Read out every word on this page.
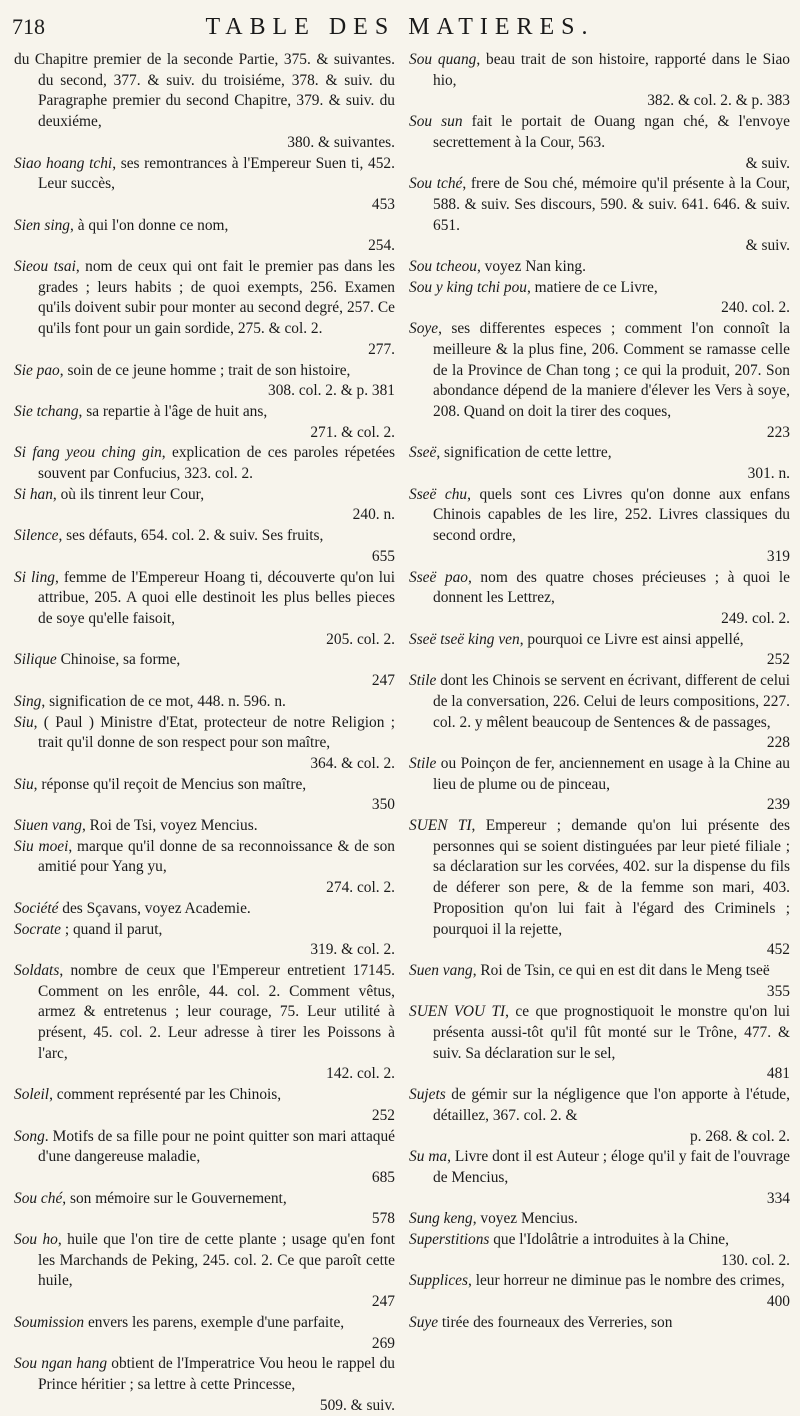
718	TABLE DES MATIERES.

du Chapitre premier de la seconde Partie, 375. & suivantes. du second, 377. & suiv. du troisiéme, 378. & suiv. du Paragraphe premier du second Chapitre, 379. & suiv. du deuxiéme,
380. & suivantes.

Siao hoang tchi, ses remontrances à l'Empereur Suen ti, 452. Leur succès,
453

Sien sing, à qui l'on donne ce nom,
254.

Sieou tsai, nom de ceux qui ont fait le premier pas dans les grades ; leurs habits ; de quoi exempts, 256. Examen qu'ils doivent subir pour monter au second degré, 257. Ce qu'ils font pour un gain sordide, 275. & col. 2.
277.

Sie pao, soin de ce jeune homme ; trait de son histoire,
308. col. 2. & p. 381

Sie tchang, sa repartie à l'âge de huit ans,
271. & col. 2.

Si fang yeou ching gin, explication de ces paroles répetées souvent par Confucius, 323. col. 2.

Si han, où ils tinrent leur Cour,
240. n.

Silence, ses défauts, 654. col. 2. & suiv. Ses fruits,
655

Si ling, femme de l'Empereur Hoang ti, découverte qu'on lui attribue, 205. A quoi elle destinoit les plus belles pieces de soye qu'elle faisoit,
205. col. 2.

Silique Chinoise, sa forme,
247

Sing, signification de ce mot, 448. n. 596. n.

Siu, ( Paul ) Ministre d'Etat, protecteur de notre Religion ; trait qu'il donne de son respect pour son maître,
364. & col. 2.

Siu, réponse qu'il reçoit de Mencius son maître,
350

Siuen vang, Roi de Tsi, voyez Mencius.

Siu moei, marque qu'il donne de sa reconnoissance & de son amitié pour Yang yu,
274. col. 2.

Société des Sçavans, voyez Academie.

Socrate ; quand il parut,
319. & col. 2.

Soldats, nombre de ceux que l'Empereur entretient 17145. Comment on les enrôle, 44. col. 2. Comment vêtus, armez & entretenus ; leur courage, 75. Leur utilité à présent, 45. col. 2. Leur adresse à tirer les Poissons à l'arc,
142. col. 2.

Soleil, comment représenté par les Chinois,
252

Song. Motifs de sa fille pour ne point quitter son mari attaqué d'une dangereuse maladie,
685

Sou ché, son mémoire sur le Gouvernement,
578

Sou ho, huile que l'on tire de cette plante ; usage qu'en font les Marchands de Peking, 245. col. 2. Ce que paroît cette huile,
247

Soumission envers les parens, exemple d'une parfaite,
269

Sou ngan hang obtient de l'Imperatrice Vou heou le rappel du Prince héritier ; sa lettre à cette Princesse,
509. & suiv.

Sou quang, beau trait de son histoire, rapporté dans le Siao hio,
382. & col. 2. & p. 383

Sou sun fait le portait de Ouang ngan ché, & l'envoye secrettement à la Cour, 563.
& suiv.

Sou tché, frere de Sou ché, mémoire qu'il présente à la Cour, 588. & suiv. Ses discours, 590. & suiv. 641. 646. & suiv. 651.
& suiv.

Sou tcheou, voyez Nan king.

Sou y king tchi pou, matiere de ce Livre,
240. col. 2.

Soye, ses differentes especes ; comment l'on connoît la meilleure & la plus fine, 206. Comment se ramasse celle de la Province de Chan tong ; ce qui la produit, 207. Son abondance dépend de la maniere d'élever les Vers à soye, 208. Quand on doit la tirer des coques,
223

Sseë, signification de cette lettre,
301. n.

Sseë chu, quels sont ces Livres qu'on donne aux enfans Chinois capables de les lire, 252. Livres classiques du second ordre,
319

Sseë pao, nom des quatre choses précieuses ; à quoi le donnent les Lettrez,
249. col. 2.

Sseë tseë king ven, pourquoi ce Livre est ainsi appellé,
252

Stile dont les Chinois se servent en écrivant, different de celui de la conversation, 226. Celui de leurs compositions, 227. col. 2. y mêlent beaucoup de Sentences & de passages,
228

Stile ou Poinçon de fer, anciennement en usage à la Chine au lieu de plume ou de pinceau,
239

SUEN TI, Empereur ; demande qu'on lui présente des personnes qui se soient distinguées par leur pieté filiale ; sa déclaration sur les corvées, 402. sur la dispense du fils de déferer son pere, & de la femme son mari, 403. Proposition qu'on lui fait à l'égard des Criminels ; pourquoi il la rejette,
452

Suen vang, Roi de Tsin, ce qui en est dit dans le Meng tseë
355

SUEN VOU TI, ce que prognostiquoit le monstre qu'on lui présenta aussi-tôt qu'il fût monté sur le Trône, 477. & suiv. Sa déclaration sur le sel,
481

Sujets de gémir sur la négligence que l'on apporte à l'étude, détaillez, 367. col. 2. &
p. 268. & col. 2.

Su ma, Livre dont il est Auteur ; éloge qu'il y fait de l'ouvrage de Mencius,
334

Sung keng, voyez Mencius.

Superstitions que l'Idolâtrie a introduites à la Chine,
130. col. 2.

Supplices, leur horreur ne diminue pas le nombre des crimes,
400

Suye tirée des fourneaux des Verreries, son
